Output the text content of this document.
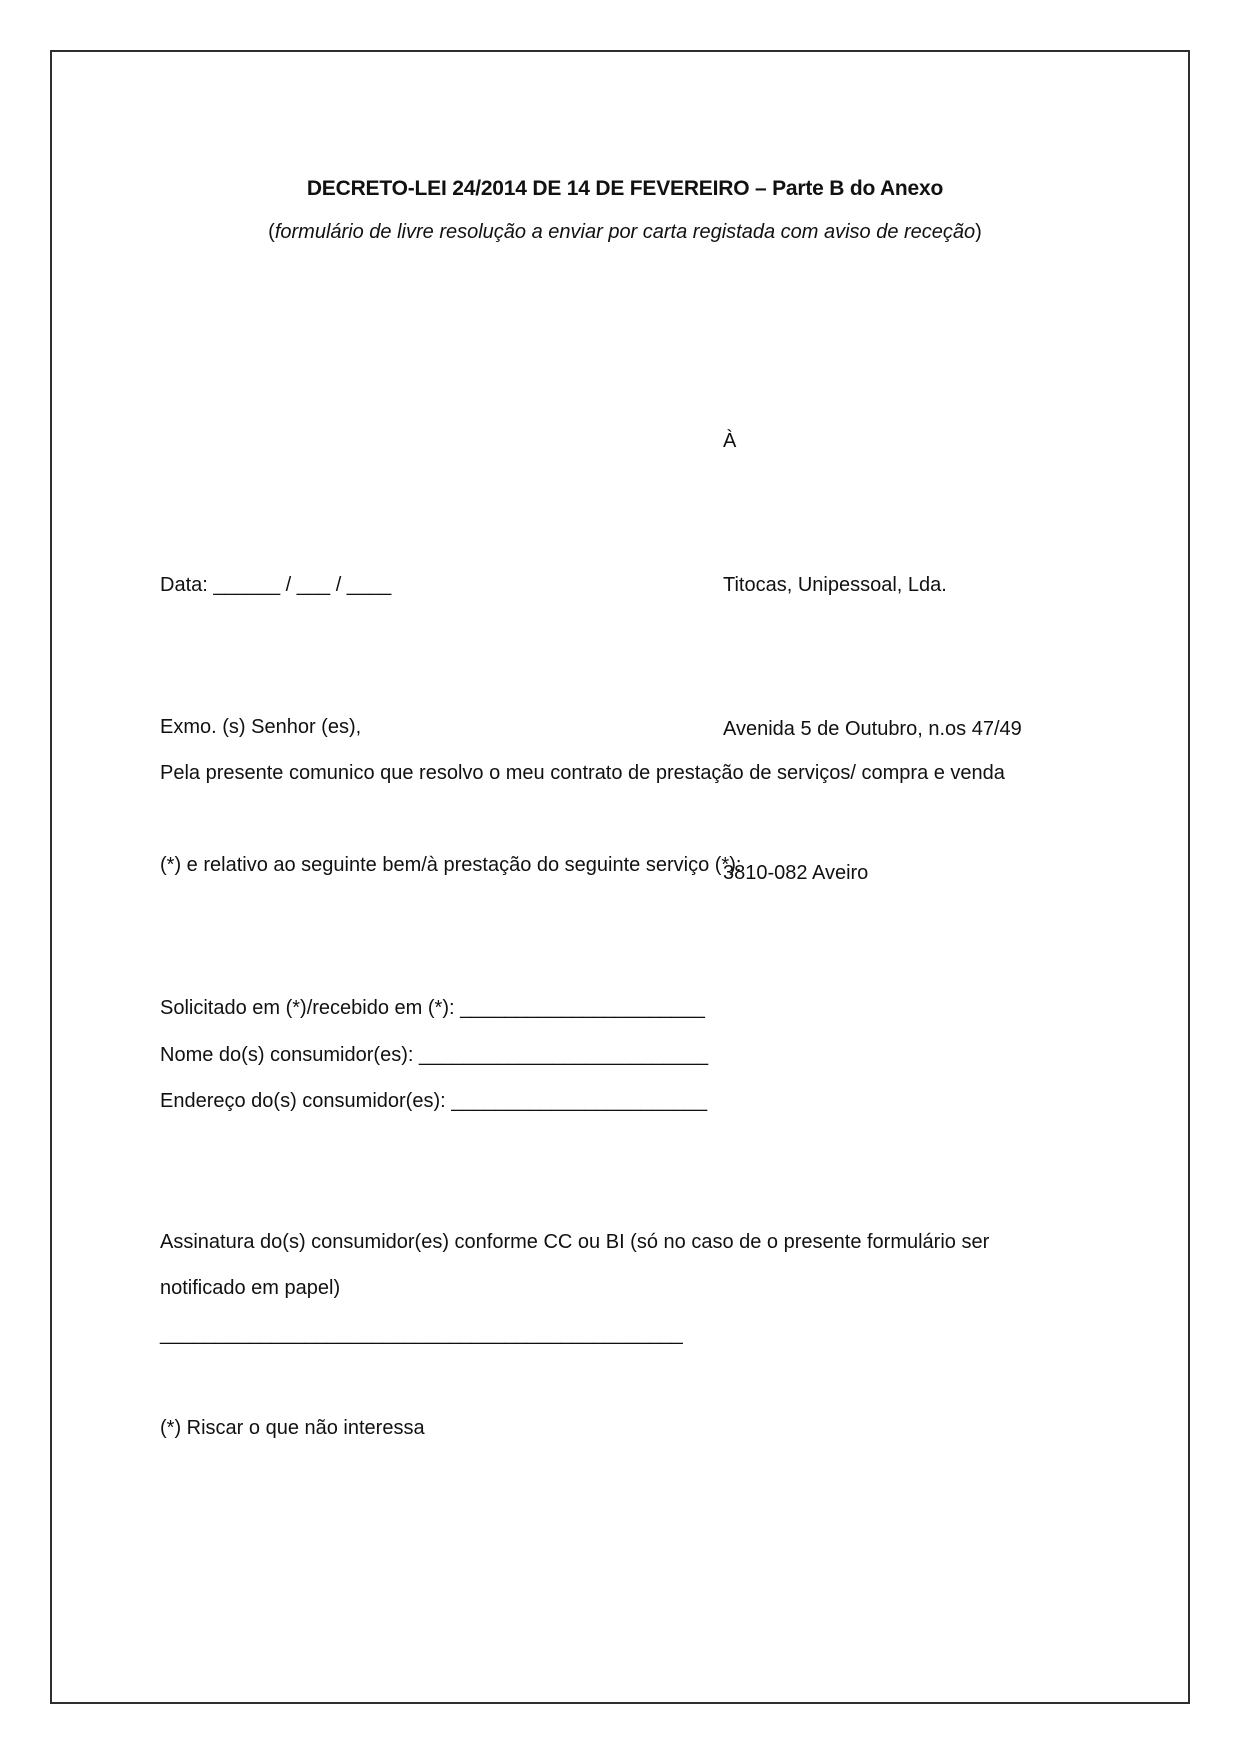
DECRETO-LEI 24/2014 DE 14 DE FEVEREIRO – Parte B do Anexo

(formulário de livre resolução a enviar por carta registada com aviso de receção)

À

Titocas, Unipessoal, Lda.

Avenida 5 de Outubro, n.os 47/49

3810-082 Aveiro

Data: ______ / ___ / ____

Exmo. (s) Senhor (es),

Pela presente comunico que resolvo o meu contrato de prestação de serviços/ compra e venda

(*) e relativo ao seguinte bem/à prestação do seguinte serviço (*):

Solicitado em (*)/recebido em (*): ______________________

Nome do(s) consumidor(es): __________________________

Endereço do(s) consumidor(es): _______________________

Assinatura do(s) consumidor(es) conforme CC ou BI (só no caso de o presente formulário ser
notificado em papel)

_______________________________________________

(*) Riscar o que não interessa
